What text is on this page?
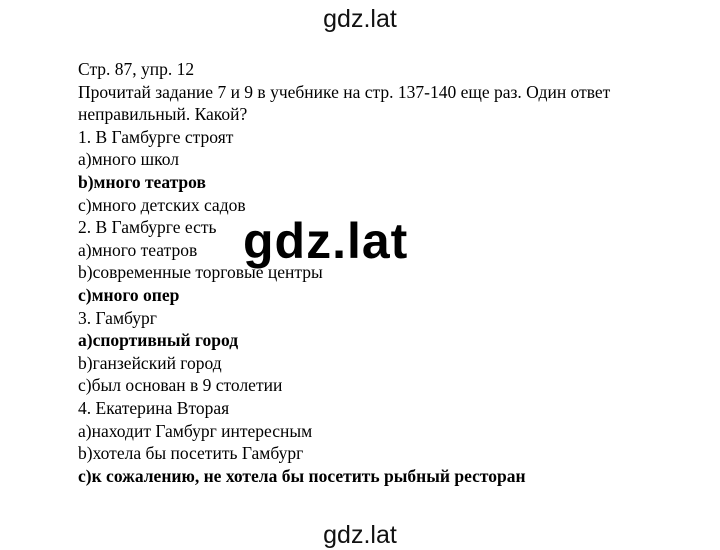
gdz.lat
Стр. 87, упр. 12
Прочитай задание 7 и 9 в учебнике на стр. 137-140 еще раз. Один ответ неправильный. Какой?
1. В Гамбурге строят
a)много школ
b)много театров
c)много детских садов
2. В Гамбурге есть
a)много театров
b)современные торговые центры
c)много опер
3. Гамбург
a)спортивный город
b)ганзейский город
c)был основан в 9 столетии
4. Екатерина Вторая
a)находит Гамбург интересным
b)хотела бы посетить Гамбург
c)к сожалению, не хотела бы посетить рыбный ресторан
gdz.lat
gdz.lat
